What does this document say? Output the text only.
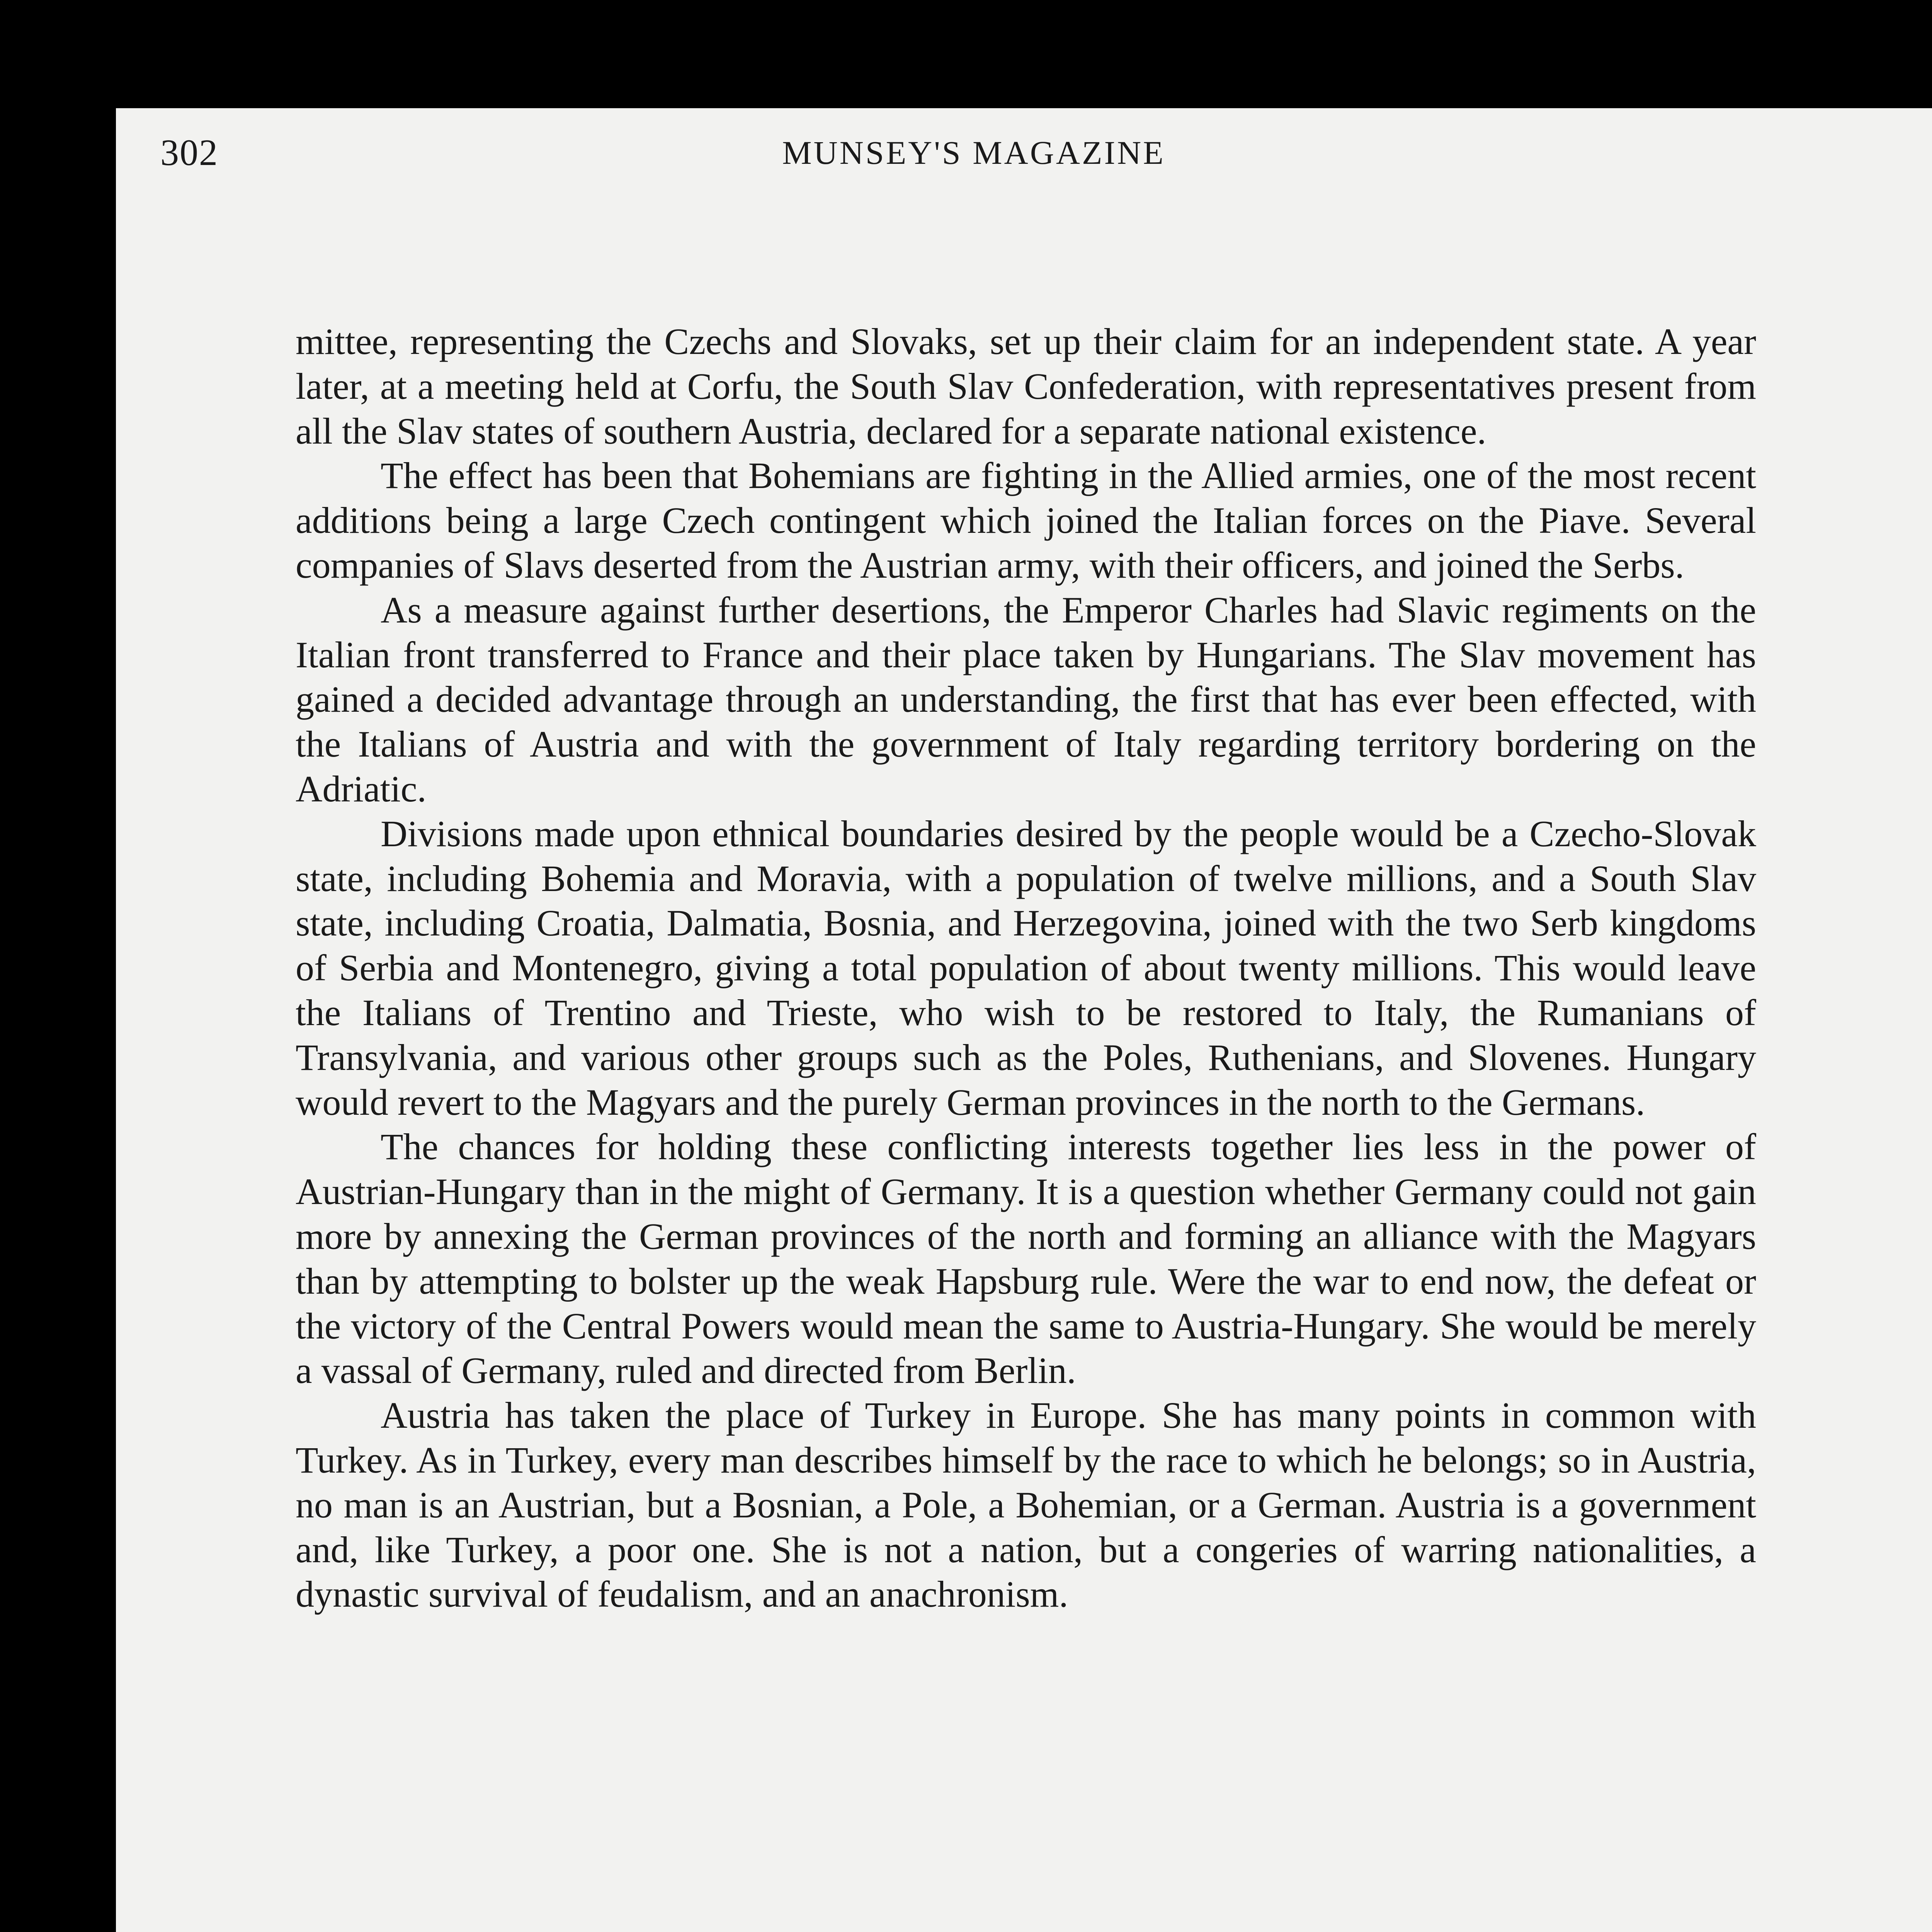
302	MUNSEY'S MAGAZINE

mittee, representing the Czechs and Slovaks, set up their claim for an independent state. A year later, at a meeting held at Corfu, the South Slav Confederation, with representatives present from all the Slav states of southern Austria, declared for a separate national existence.

The effect has been that Bohemians are fighting in the Allied armies, one of the most recent additions being a large Czech contingent which joined the Italian forces on the Piave. Several companies of Slavs deserted from the Austrian army, with their officers, and joined the Serbs.

As a measure against further desertions, the Emperor Charles had Slavic regiments on the Italian front transferred to France and their place taken by Hungarians. The Slav movement has gained a decided advantage through an understanding, the first that has ever been effected, with the Italians of Austria and with the government of Italy regarding territory bordering on the Adriatic.

Divisions made upon ethnical boundaries desired by the people would be a Czecho-Slovak state, including Bohemia and Moravia, with a population of twelve millions, and a South Slav state, including Croatia, Dalmatia, Bosnia, and Herzegovina, joined with the two Serb kingdoms of Serbia and Montenegro, giving a total population of about twenty millions. This would leave the Italians of Trentino and Trieste, who wish to be restored to Italy, the Rumanians of Transylvania, and various other groups such as the Poles, Ruthenians, and Slovenes. Hungary would revert to the Magyars and the purely German provinces in the north to the Germans.

The chances for holding these conflicting interests together lies less in the power of Austrian-Hungary than in the might of Germany. It is a question whether Germany could not gain more by annexing the German provinces of the north and forming an alliance with the Magyars than by attempting to bolster up the weak Hapsburg rule. Were the war to end now, the defeat or the victory of the Central Powers would mean the same to Austria-Hungary. She would be merely a vassal of Germany, ruled and directed from Berlin.

Austria has taken the place of Turkey in Europe. She has many points in common with Turkey. As in Turkey, every man describes himself by the race to which he belongs; so in Austria, no man is an Austrian, but a Bosnian, a Pole, a Bohemian, or a German. Austria is a government and, like Turkey, a poor one. She is not a nation, but a congeries of warring nationalities, a dynastic survival of feudalism, and an anachronism.
